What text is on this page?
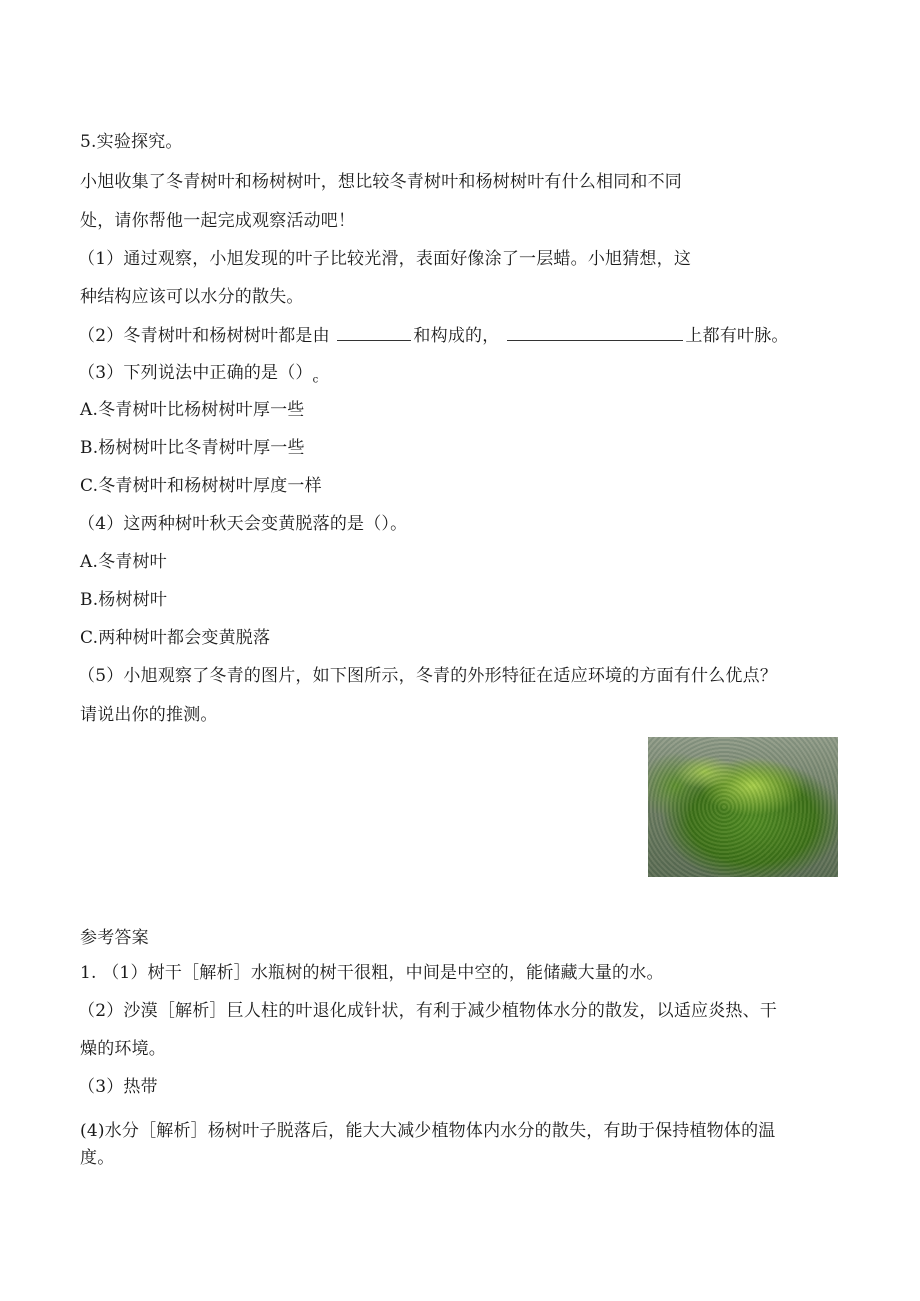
5.实验探究。
小旭收集了冬青树叶和杨树树叶，想比较冬青树叶和杨树树叶有什么相同和不同
处，请你帮他一起完成观察活动吧！
（1）通过观察，小旭发现的叶子比较光滑，表面好像涂了一层蜡。小旭猜想，这
种结构应该可以水分的散失。
（2）冬青树叶和杨树树叶都是由	和构成的，	上都有叶脉。
（3）下列说法中正确的是$()_c$
A.冬青树叶比杨树树叶厚一些
B.杨树树叶比冬青树叶厚一些
C.冬青树叶和杨树树叶厚度一样
（4）这两种树叶秋天会变黄脱落的是（）。
A.冬青树叶
B.杨树树叶
C.两种树叶都会变黄脱落
（5）小旭观察了冬青的图片，如下图所示，冬青的外形特征在适应环境的方面有什么优点？
请说出你的推测。
参考答案
1. （1）树干［解析］水瓶树的树干很粗，中间是中空的，能储藏大量的水。
（2）沙漠［解析］巨人柱的叶退化成针状，有利于减少植物体水分的散发，以适应炎热、干
燥的环境。
（3）热带
(4)水分［解析］杨树叶子脱落后，能大大减少植物体内水分的散失，有助于保持植物体的温
度。
